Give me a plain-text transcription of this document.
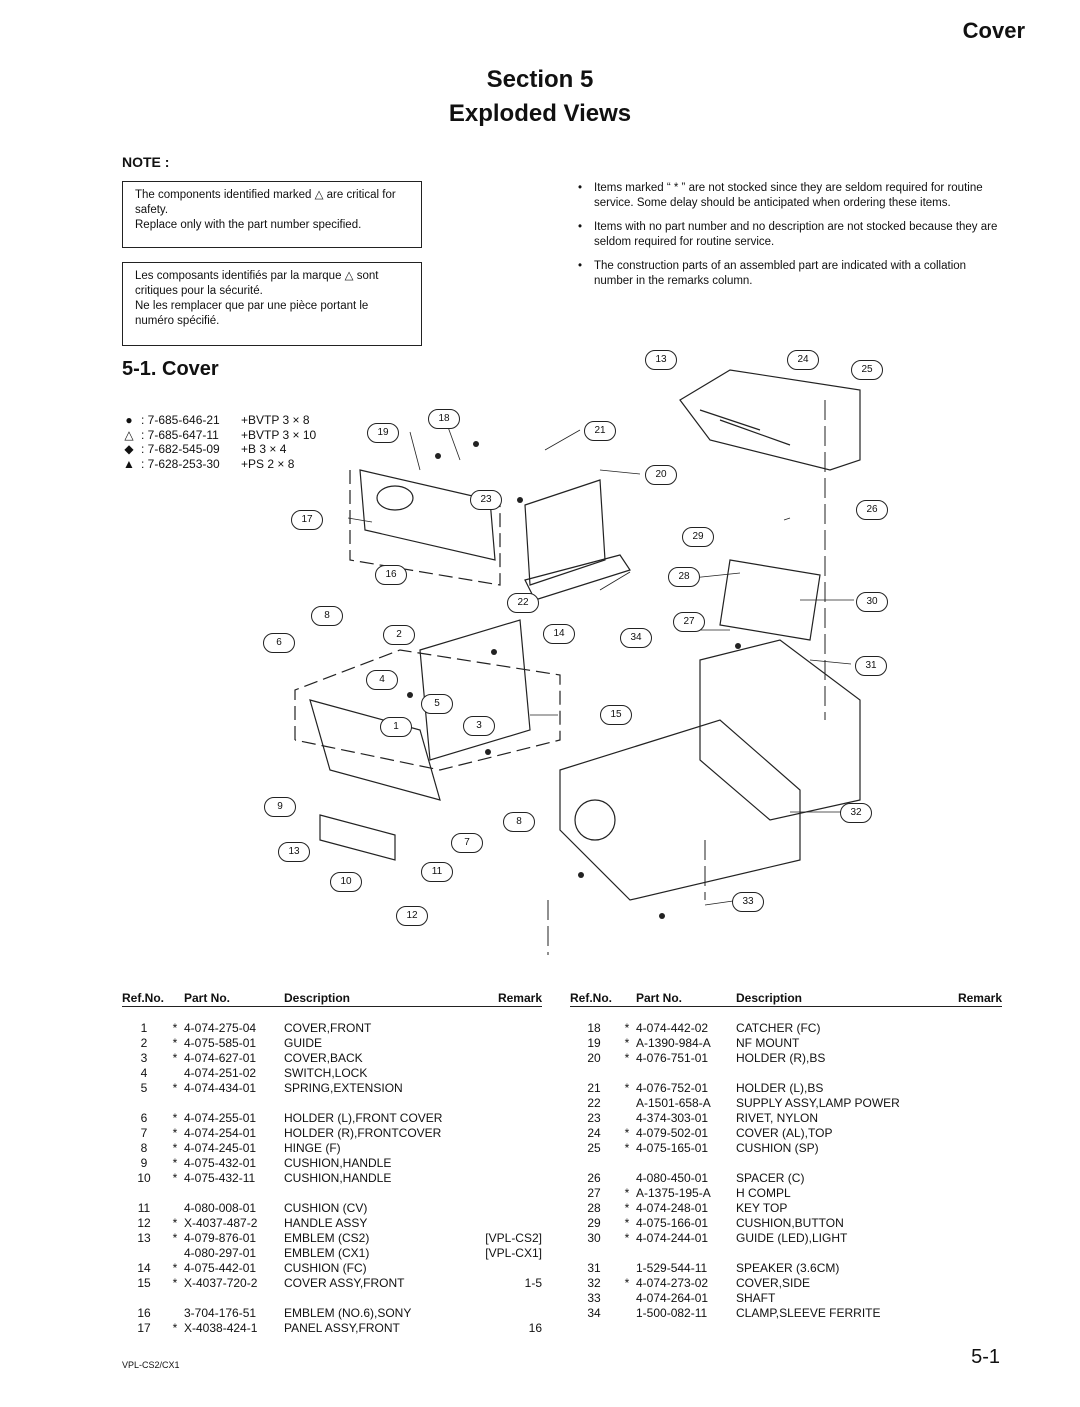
Cover
Section 5
Exploded Views
NOTE :

The components identified marked △ are critical for safety.

Replace only with the part number specified.

Les composants identifiés par la marque △ sont critiques pour la sécurité.

Ne les remplacer que par une pièce portant le numéro spécifié.

• Items marked “ * ” are not stocked since they are seldom required for routine service. Some delay should be anticipated when ordering these items.
• Items with no part number and no description are not stocked because they are seldom required for routine service.
• The construction parts of an assembled part are indicated with a collation number in the remarks column.
5-1. Cover
● : 7-685-646-21	+BVTP 3 × 8
△ : 7-685-647-11	+BVTP 3 × 10
◆ : 7-682-545-09	+B 3 × 4
▲ : 7-628-253-30	+PS 2 × 8
13	24
25
18
19	21
20
23
26
17
29
16	28
22
8
30
6
2	14	34
27
31
4
5
15
1	3
9
32
8
7
13
11
10
12
33
Ref.No.		Part No.	Description	Remark

1	*	4-074-275-04	COVER,FRONT	
2	*	4-075-585-01	GUIDE	
3	*	4-074-627-01	COVER,BACK	
4		4-074-251-02	SWITCH,LOCK	
5	*	4-074-434-01	SPRING,EXTENSION	

6	*	4-074-255-01	HOLDER (L),FRONT COVER	
7	*	4-074-254-01	HOLDER (R),FRONTCOVER	
8	*	4-074-245-01	HINGE (F)	
9	*	4-075-432-01	CUSHION,HANDLE	
10	*	4-075-432-11	CUSHION,HANDLE	

11		4-080-008-01	CUSHION (CV)	
12	*	X-4037-487-2	HANDLE ASSY	
13	*	4-079-876-01	EMBLEM (CS2)	[VPL-CS2]
		4-080-297-01	EMBLEM (CX1)	[VPL-CX1]
14	*	4-075-442-01	CUSHION (FC)	
15	*	X-4037-720-2	COVER ASSY,FRONT	1-5

16		3-704-176-51	EMBLEM (NO.6),SONY	
17	*	X-4038-424-1	PANEL ASSY,FRONT	16
Ref.No.		Part No.	Description	Remark

18	*	4-074-442-02	CATCHER (FC)	
19	*	A-1390-984-A	NF MOUNT	
20	*	4-076-751-01	HOLDER (R),BS	

21	*	4-076-752-01	HOLDER (L),BS	
22		A-1501-658-A	SUPPLY ASSY,LAMP POWER	
23		4-374-303-01	RIVET, NYLON	
24	*	4-079-502-01	COVER (AL),TOP	
25	*	4-075-165-01	CUSHION (SP)	

26		4-080-450-01	SPACER (C)	
27	*	A-1375-195-A	H COMPL	
28	*	4-074-248-01	KEY TOP	
29	*	4-075-166-01	CUSHION,BUTTON	
30	*	4-074-244-01	GUIDE (LED),LIGHT	

31		1-529-544-11	SPEAKER (3.6CM)	
32	*	4-074-273-02	COVER,SIDE	
33		4-074-264-01	SHAFT	
34		1-500-082-11	CLAMP,SLEEVE FERRITE	
VPL-CS2/CX1	5-1
